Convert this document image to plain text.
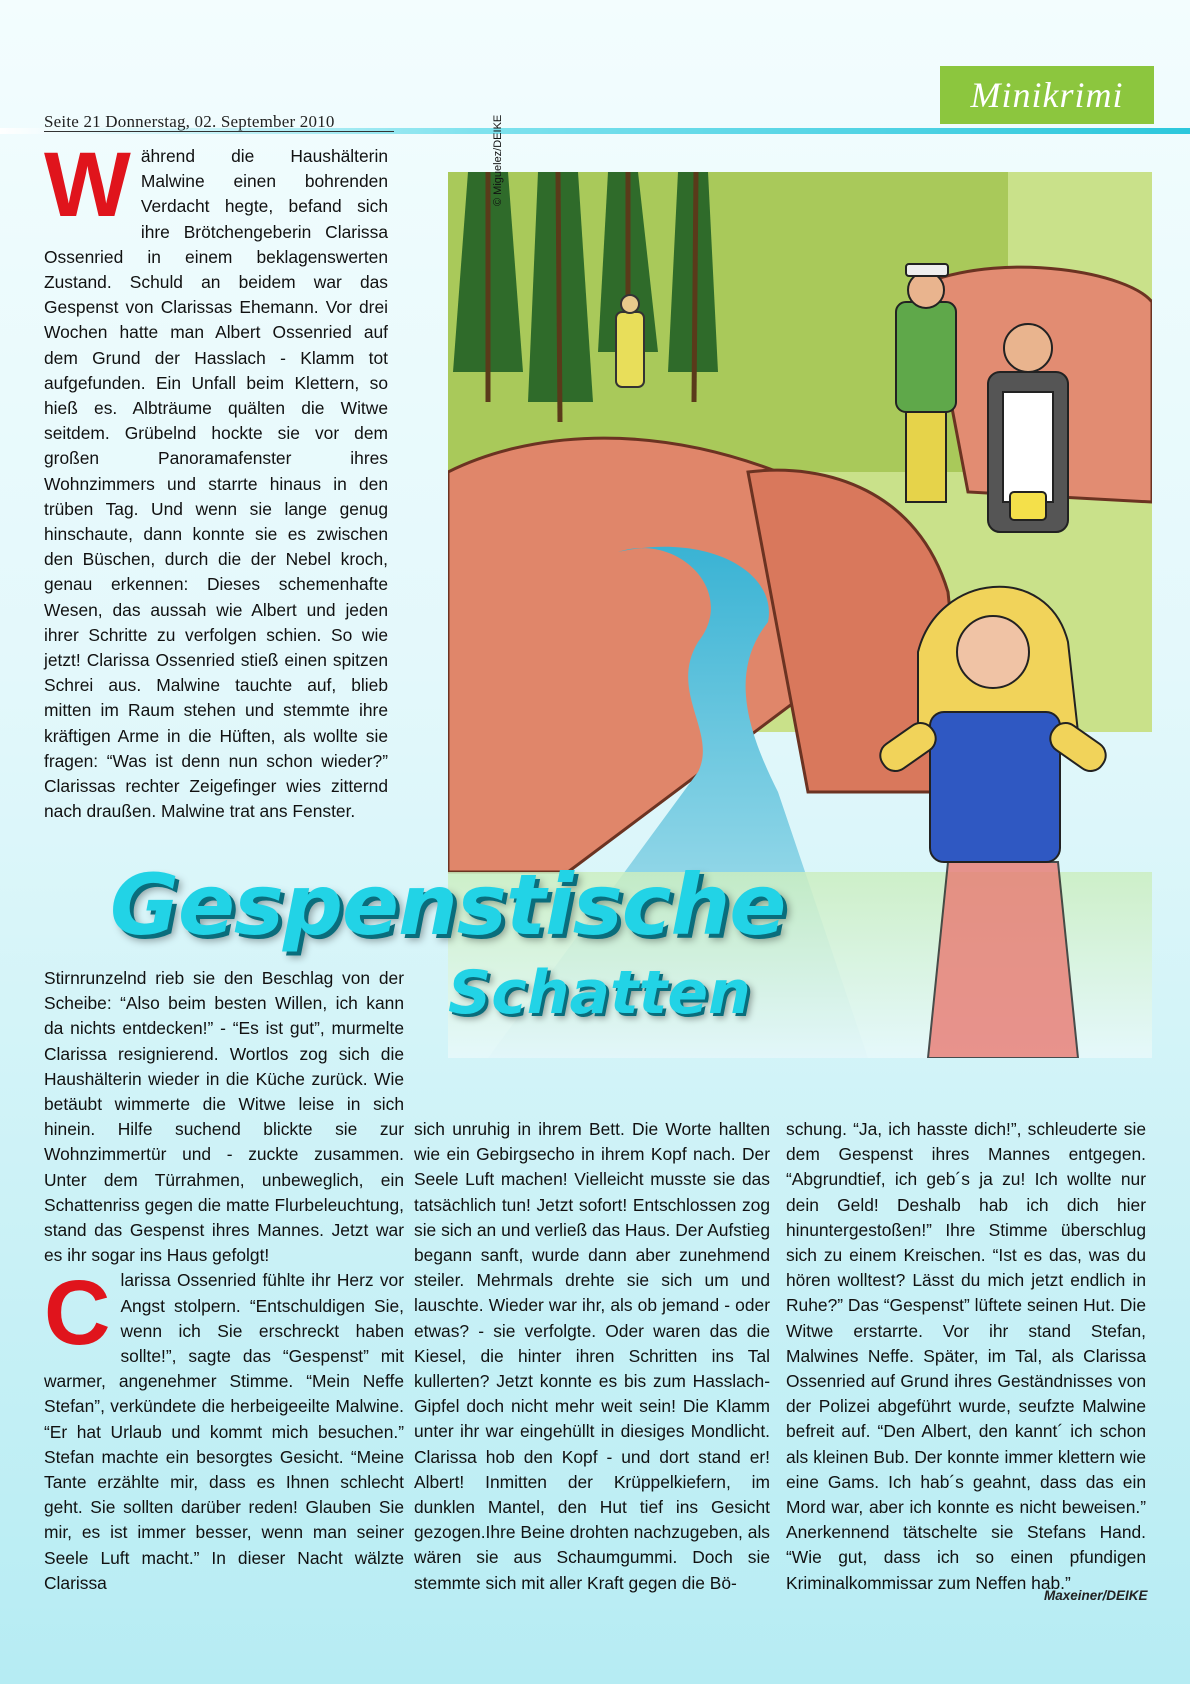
Seite 21 Donnerstag, 02. September 2010
Minikrimi
W ährend die Haushälterin Malwine einen bohrenden Verdacht hegte, befand sich ihre Brötchengeberin Clarissa Ossenried in einem beklagenswerten Zustand. Schuld an beidem war das Gespenst von Clarissas Ehemann. Vor drei Wochen hatte man Albert Ossenried auf dem Grund der Hasslach - Klamm tot aufgefunden. Ein Unfall beim Klettern, so hieß es. Albträume quälten die Witwe seitdem. Grübelnd hockte sie vor dem großen Panoramafenster ihres Wohnzimmers und starrte hinaus in den trüben Tag. Und wenn sie lange genug hinschaute, dann konnte sie es zwischen den Büschen, durch die der Nebel kroch, genau erkennen: Dieses schemenhafte Wesen, das aussah wie Albert und jeden ihrer Schritte zu verfolgen schien. So wie jetzt! Clarissa Ossenried stieß einen spitzen Schrei aus. Malwine tauchte auf, blieb mitten im Raum stehen und stemmte ihre kräftigen Arme in die Hüften, als wollte sie fragen: “Was ist denn nun schon wieder?” Clarissas rechter Zeigefinger wies zitternd nach draußen. Malwine trat ans Fenster.

© Miguelez/DEIKE
Gespenstische
Schatten

Stirnrunzelnd rieb sie den Beschlag von der Scheibe: “Also beim besten Willen, ich kann da nichts entdecken!” - “Es ist gut”, murmelte Clarissa resignierend. Wortlos zog sich die Haushälterin wieder in die Küche zurück. Wie betäubt wimmerte die Witwe leise in sich hinein. Hilfe suchend blickte sie zur Wohnzimmertür und - zuckte zusammen. Unter dem Türrahmen, unbeweglich, ein Schattenriss gegen die matte Flurbeleuchtung, stand das Gespenst ihres Mannes. Jetzt war es ihr sogar ins Haus gefolgt!

C larissa Ossenried fühlte ihr Herz vor Angst stolpern. “Entschuldigen Sie, wenn ich Sie erschreckt haben sollte!”, sagte das “Gespenst” mit warmer, angenehmer Stimme. “Mein Neffe Stefan”, verkündete die herbeigeeilte Malwine. “Er hat Urlaub und kommt mich besuchen.” Stefan machte ein besorgtes Gesicht. “Meine Tante erzählte mir, dass es Ihnen schlecht geht. Sie sollten darüber reden! Glauben Sie mir, es ist immer besser, wenn man seiner Seele Luft macht.” In dieser Nacht wälzte Clarissa

sich unruhig in ihrem Bett. Die Worte hallten wie ein Gebirgsecho in ihrem Kopf nach. Der Seele Luft machen! Vielleicht musste sie das tatsächlich tun! Jetzt sofort! Entschlossen zog sie sich an und verließ das Haus. Der Aufstieg begann sanft, wurde dann aber zunehmend steiler. Mehrmals drehte sie sich um und lauschte. Wieder war ihr, als ob jemand - oder etwas? - sie verfolgte. Oder waren das die Kiesel, die hinter ihren Schritten ins Tal kullerten? Jetzt konnte es bis zum Hasslach-Gipfel doch nicht mehr weit sein! Die Klamm unter ihr war eingehüllt in diesiges Mondlicht. Clarissa hob den Kopf - und dort stand er! Albert! Inmitten der Krüppelkiefern, im dunklen Mantel, den Hut tief ins Gesicht gezogen.Ihre Beine drohten nachzugeben, als wären sie aus Schaumgummi. Doch sie stemmte sich mit aller Kraft gegen die Bö-

schung. “Ja, ich hasste dich!”, schleuderte sie dem Gespenst ihres Mannes entgegen. “Abgrundtief, ich geb´s ja zu! Ich wollte nur dein Geld! Deshalb hab ich dich hier hinuntergestoßen!” Ihre Stimme überschlug sich zu einem Kreischen. “Ist es das, was du hören wolltest? Lässt du mich jetzt endlich in Ruhe?” Das “Gespenst” lüftete seinen Hut. Die Witwe erstarrte. Vor ihr stand Stefan, Malwines Neffe. Später, im Tal, als Clarissa Ossenried auf Grund ihres Geständnisses von der Polizei abgeführt wurde, seufzte Malwine befreit auf. “Den Albert, den kannt´ ich schon als kleinen Bub. Der konnte immer klettern wie eine Gams. Ich hab´s geahnt, dass das ein Mord war, aber ich konnte es nicht beweisen.” Anerkennend tätschelte sie Stefans Hand. “Wie gut, dass ich so einen pfundigen Kriminalkommissar zum Neffen hab.”

Maxeiner/DEIKE
